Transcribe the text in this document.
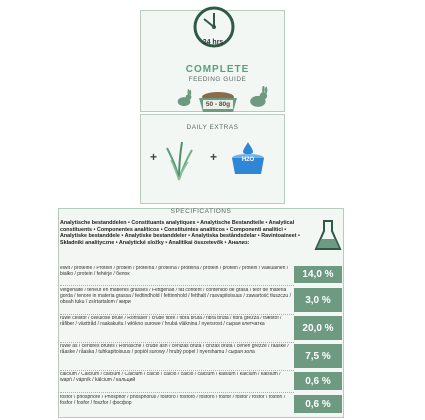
24 hrs
COMPLETE
FEEDING GUIDE
50 - 80g
DAILY EXTRAS
+	+	H2O
SPECIFICATIONS
Analytische bestanddelen • Constituants analytiques • Analytische Bestandteile • Analytical constituents • Componentes analíticos • Constituintes analíticos • Componenti analitici • Analytiske bestanddele • Analytiske bestanddeler • Analytiska beståndsdelar • Ravintoaineet • Składniki analityczne • Analytické složky • Analitikai összetevők • Анализ:
eiwit / protéine / Protein / protein / proteína / proteína / proteina / protein / protein / protein / valkuainen / białko / protein / fehérje / белок	14,0 %
vetgehalte / teneur en matières grasses / Fettgehalt / fat content / contenido de grasa / teor de matéria gorda / tenore in materia grassa / fedtindhold / fettinnhold / fetthalt / rasvapitoisuus / zawartość tłuszczu / obsah tuku / zsírtartalom / жири	3,0 %
ruwe celstof / cellulose brute / Rohfaser / crude fibre / fibra bruta / fibra bruta / fibra grezza / træstof / råfiber / växttråd / raakakuitu / włókno surowe / hrubá vláknina / nyersrost / сырая клетчатка	20,0 %
ruwe as / cendres brutes / Rohasche / crude ash / cenizas bruta / cinzas bruta / ceneri grezze / råaske / råaske / råaska / tuhkapitoisuus / popiół surowy / hrubý popel / nyershamu / сырая зола	7,5 %
calcium / Calcium / calcium / Calcium / calcio / cálcio / calcio / calcium / kalsium / kalcium / kalsium / wapń / vápník / kálcium / кальций	0,6 %
fosfor / phosphore / Phosphor / phosphorus / fósforo / fósforo / fosforo / fosfor / fosfor / fosfor / fosfori / fosfor / fosfor / foszfor / фосфор	0,6 %
